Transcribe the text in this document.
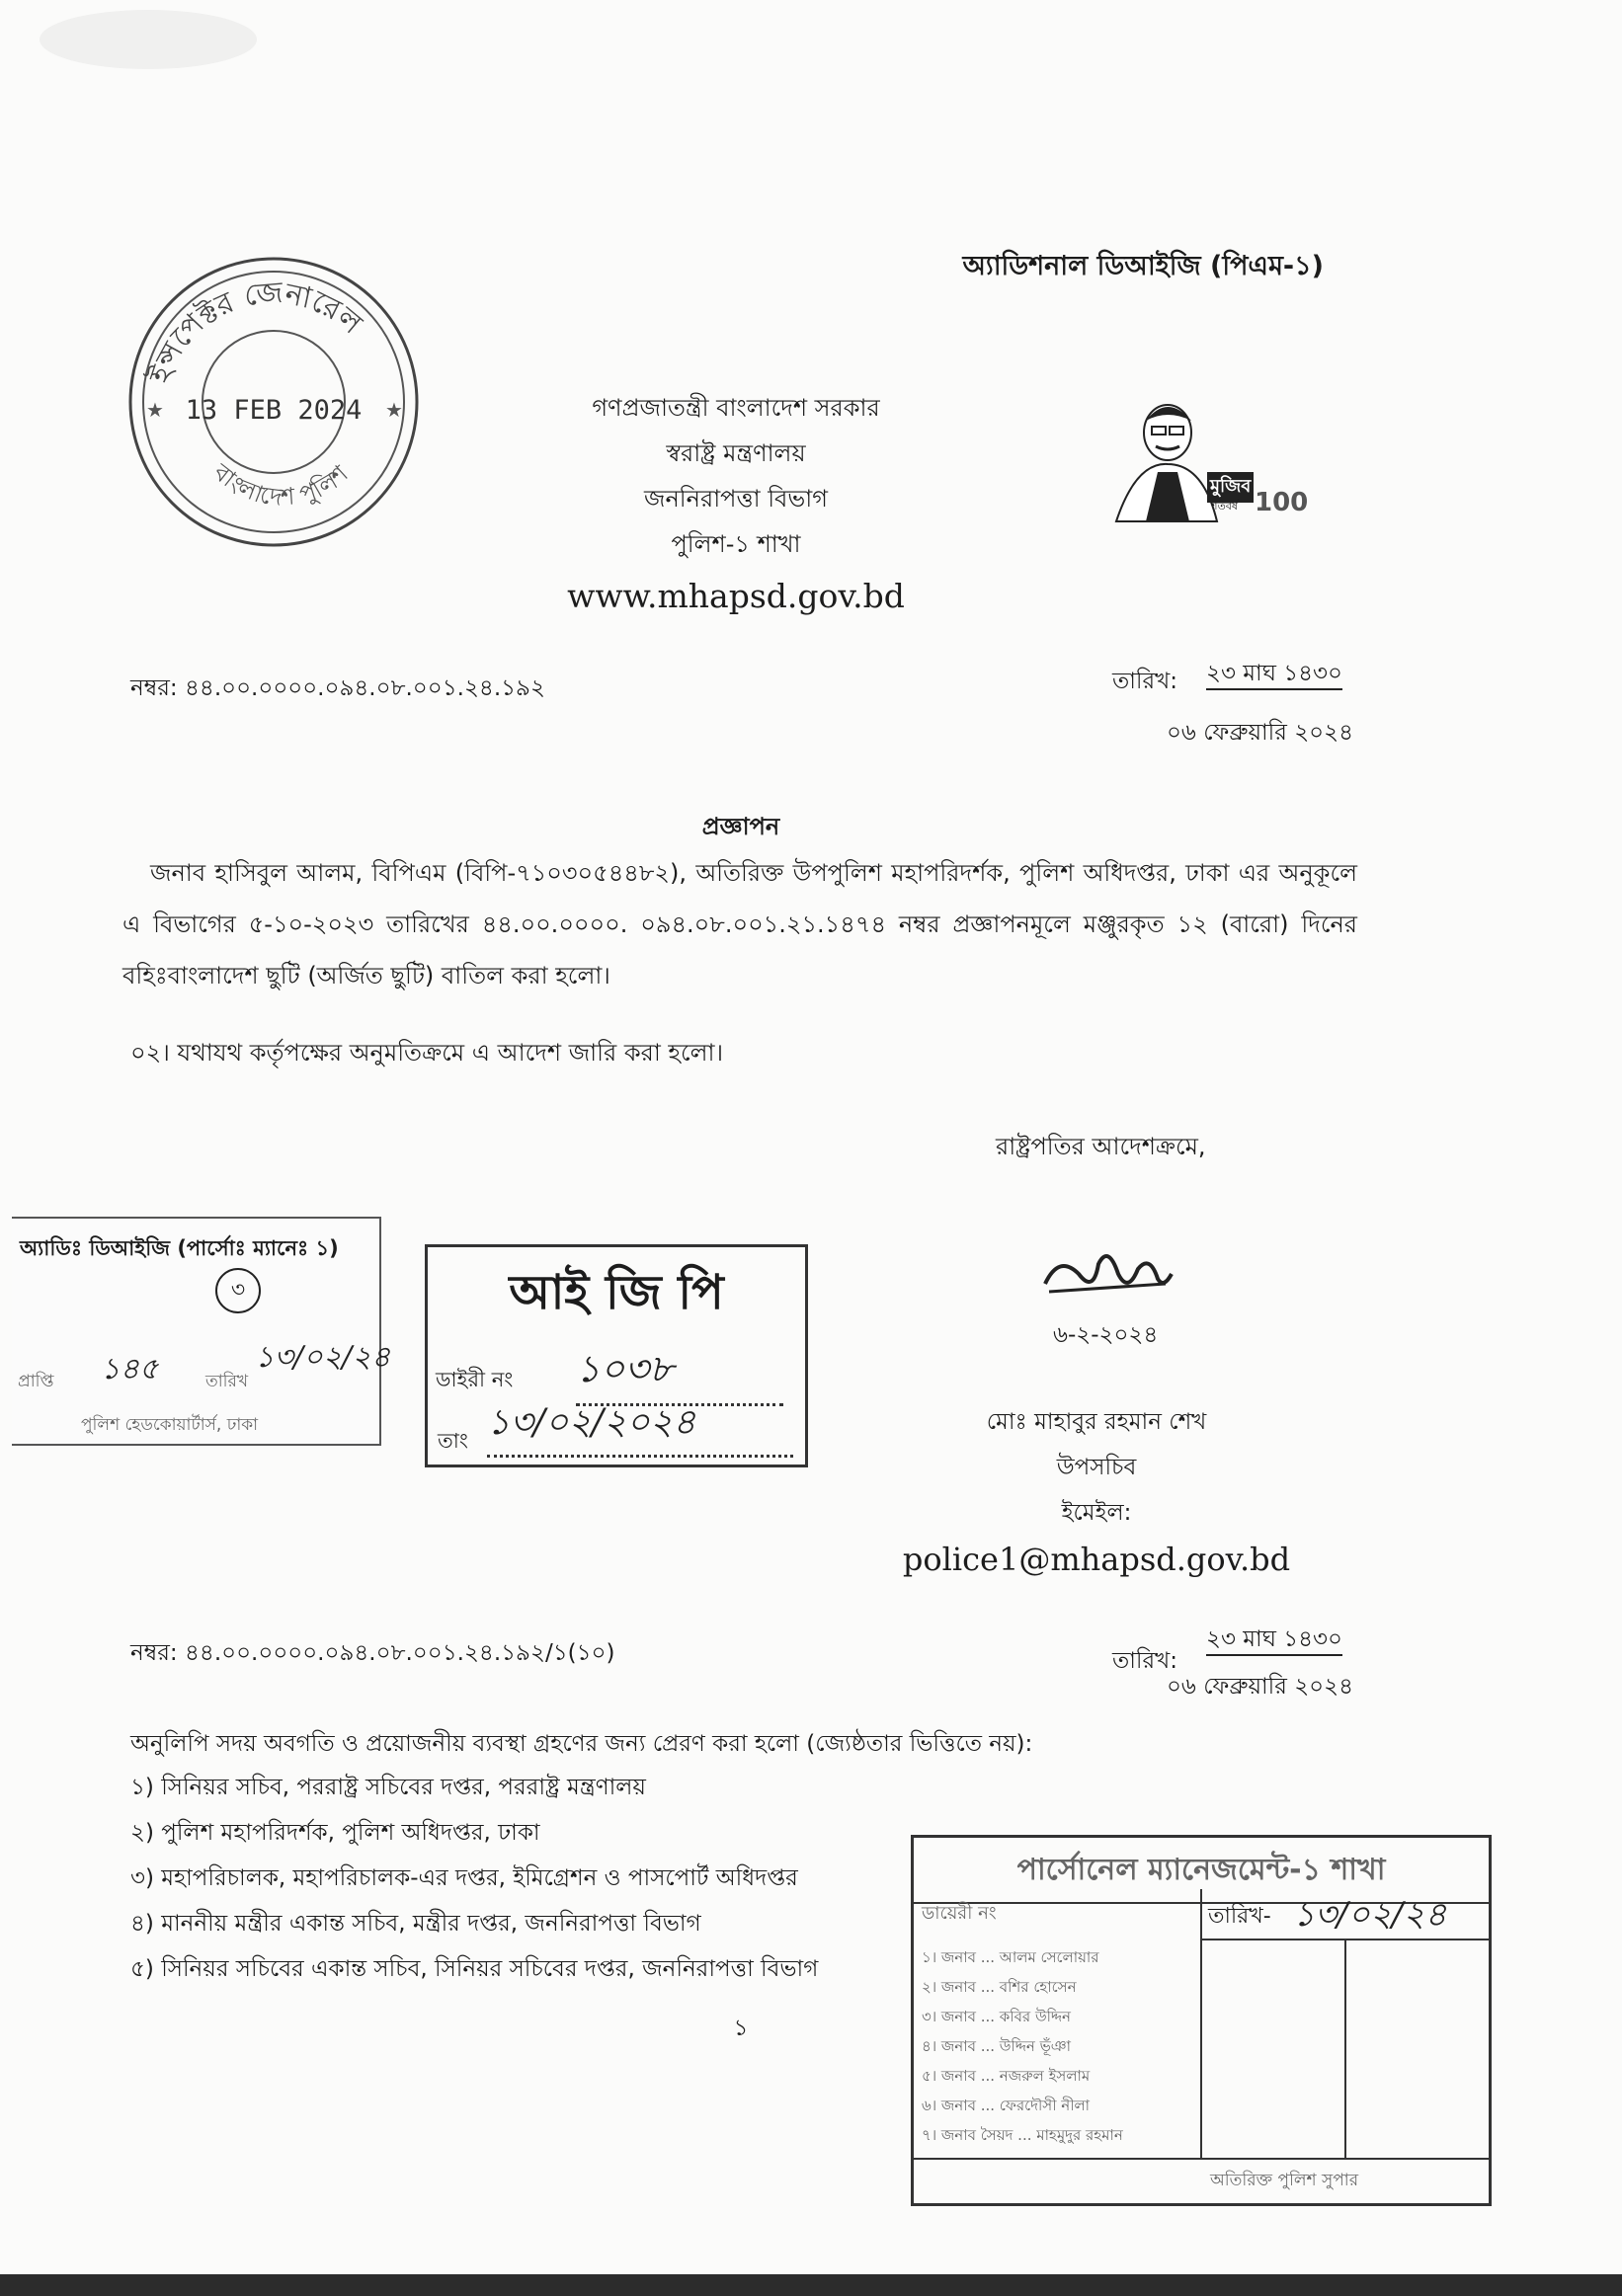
অ্যাডিশনাল ডিআইজি (পিএম-১)
ইন্সপেক্টর জেনারেল
বাংলাদেশ পুলিশ
13 FEB 2024
★	★	গণপ্রজাতন্ত্রী বাংলাদেশ সরকার
স্বরাষ্ট্র মন্ত্রণালয়
জননিরাপত্তা বিভাগ
পুলিশ-১ শাখা
www.mhapsd.gov.bd
মুজিব
শতবর্ষ 100
নম্বর: ৪৪.০০.০০০০.০৯৪.০৮.০০১.২৪.১৯২	তারিখ:	২৩ মাঘ ১৪৩০
০৬ ফেব্রুয়ারি ২০২৪
প্রজ্ঞাপন
জনাব হাসিবুল আলম, বিপিএম (বিপি-৭১০৩০৫৪৪৮২), অতিরিক্ত উপপুলিশ মহাপরিদর্শক, পুলিশ অধিদপ্তর, ঢাকা এর অনুকূলে এ বিভাগের ৫-১০-২০২৩ তারিখের ৪৪.০০.০০০০. ০৯৪.০৮.০০১.২১.১৪৭৪ নম্বর প্রজ্ঞাপনমূলে মঞ্জুরকৃত ১২ (বারো) দিনের বহিঃবাংলাদেশ ছুটি (অর্জিত ছুটি) বাতিল করা হলো।
০২। যথাযথ কর্তৃপক্ষের অনুমতিক্রমে এ আদেশ জারি করা হলো।
রাষ্ট্রপতির আদেশক্রমে,
৬-২-২০২৪
মোঃ মাহাবুর রহমান শেখ
উপসচিব
ইমেইল:
police1@mhapsd.gov.bd
অ্যাডিঃ ডিআইজি (পার্সোঃ ম্যানেঃ ১)
৩
প্রাপ্তি ১৪৫	তারিখ
১৩/০২/২৪
পুলিশ হেডকোয়ার্টার্স, ঢাকা
আই জি পি
ডাইরী নং ১০৩৮
তাং ১৩/০২/২০২৪
নম্বর: ৪৪.০০.০০০০.০৯৪.০৮.০০১.২৪.১৯২/১(১০)	তারিখ:
২৩ মাঘ ১৪৩০
০৬ ফেব্রুয়ারি ২০২৪
অনুলিপি সদয় অবগতি ও প্রয়োজনীয় ব্যবস্থা গ্রহণের জন্য প্রেরণ করা হলো (জ্যেষ্ঠতার ভিত্তিতে নয়):
১) সিনিয়র সচিব, পররাষ্ট্র সচিবের দপ্তর, পররাষ্ট্র মন্ত্রণালয়
২) পুলিশ মহাপরিদর্শক, পুলিশ অধিদপ্তর, ঢাকা
৩) মহাপরিচালক, মহাপরিচালক-এর দপ্তর, ইমিগ্রেশন ও পাসপোর্ট অধিদপ্তর
৪) মাননীয় মন্ত্রীর একান্ত সচিব, মন্ত্রীর দপ্তর, জননিরাপত্তা বিভাগ
৫) সিনিয়র সচিবের একান্ত সচিব, সিনিয়র সচিবের দপ্তর, জননিরাপত্তা বিভাগ
পার্সোনেল ম্যানেজমেন্ট-১ শাখা
ডায়েরী নং	তারিখ- ১৩/০২/২৪
১। জনাব ... আলম সেলোয়ার
২। জনাব ... বশির হোসেন
৩। জনাব ... কবির উদ্দিন
৪। জনাব ... উদ্দিন ভূঁঞা
৫। জনাব ... নজরুল ইসলাম
৬। জনাব ... ফেরদৌসী নীলা
৭। জনাব সৈয়দ ... মাহমুদুর রহমান
অতিরিক্ত পুলিশ সুপার
১
